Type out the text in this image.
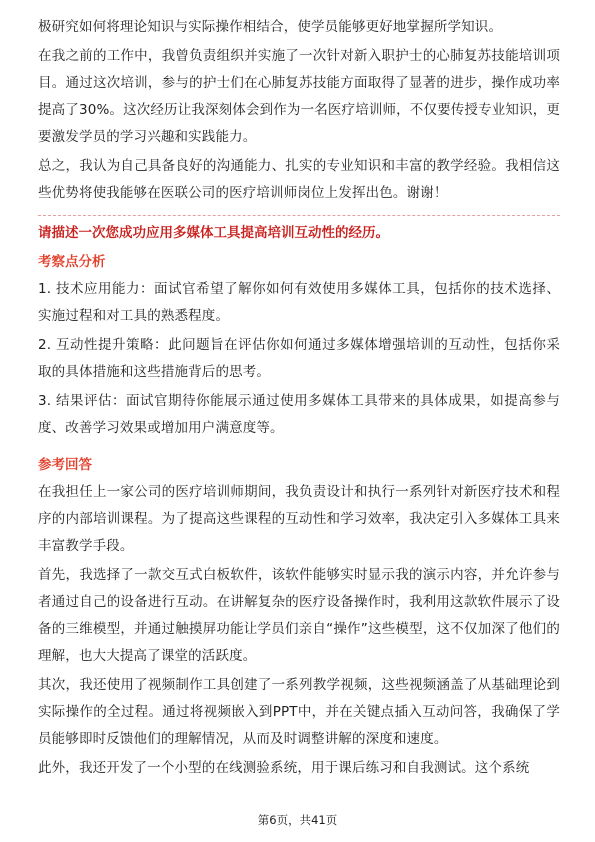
极研究如何将理论知识与实际操作相结合，使学员能够更好地掌握所学知识。

在我之前的工作中，我曾负责组织并实施了一次针对新入职护士的心肺复苏技能培训项目。通过这次培训，参与的护士们在心肺复苏技能方面取得了显著的进步，操作成功率提高了30%。这次经历让我深刻体会到作为一名医疗培训师，不仅要传授专业知识，更要激发学员的学习兴趣和实践能力。

总之，我认为自己具备良好的沟通能力、扎实的专业知识和丰富的教学经验。我相信这些优势将使我能够在医联公司的医疗培训师岗位上发挥出色。谢谢！

请描述一次您成功应用多媒体工具提高培训互动性的经历。

考察点分析

1. 技术应用能力：面试官希望了解你如何有效使用多媒体工具，包括你的技术选择、实施过程和对工具的熟悉程度。

2. 互动性提升策略：此问题旨在评估你如何通过多媒体增强培训的互动性，包括你采取的具体措施和这些措施背后的思考。

3. 结果评估：面试官期待你能展示通过使用多媒体工具带来的具体成果，如提高参与度、改善学习效果或增加用户满意度等。

参考回答

在我担任上一家公司的医疗培训师期间，我负责设计和执行一系列针对新医疗技术和程序的内部培训课程。为了提高这些课程的互动性和学习效率，我决定引入多媒体工具来丰富教学手段。

首先，我选择了一款交互式白板软件，该软件能够实时显示我的演示内容，并允许参与者通过自己的设备进行互动。在讲解复杂的医疗设备操作时，我利用这款软件展示了设备的三维模型，并通过触摸屏功能让学员们亲自“操作”这些模型，这不仅加深了他们的理解，也大大提高了课堂的活跃度。

其次，我还使用了视频制作工具创建了一系列教学视频，这些视频涵盖了从基础理论到实际操作的全过程。通过将视频嵌入到PPT中，并在关键点插入互动问答，我确保了学员能够即时反馈他们的理解情况，从而及时调整讲解的深度和速度。

此外，我还开发了一个小型的在线测验系统，用于课后练习和自我测试。这个系统

第6页，共41页
